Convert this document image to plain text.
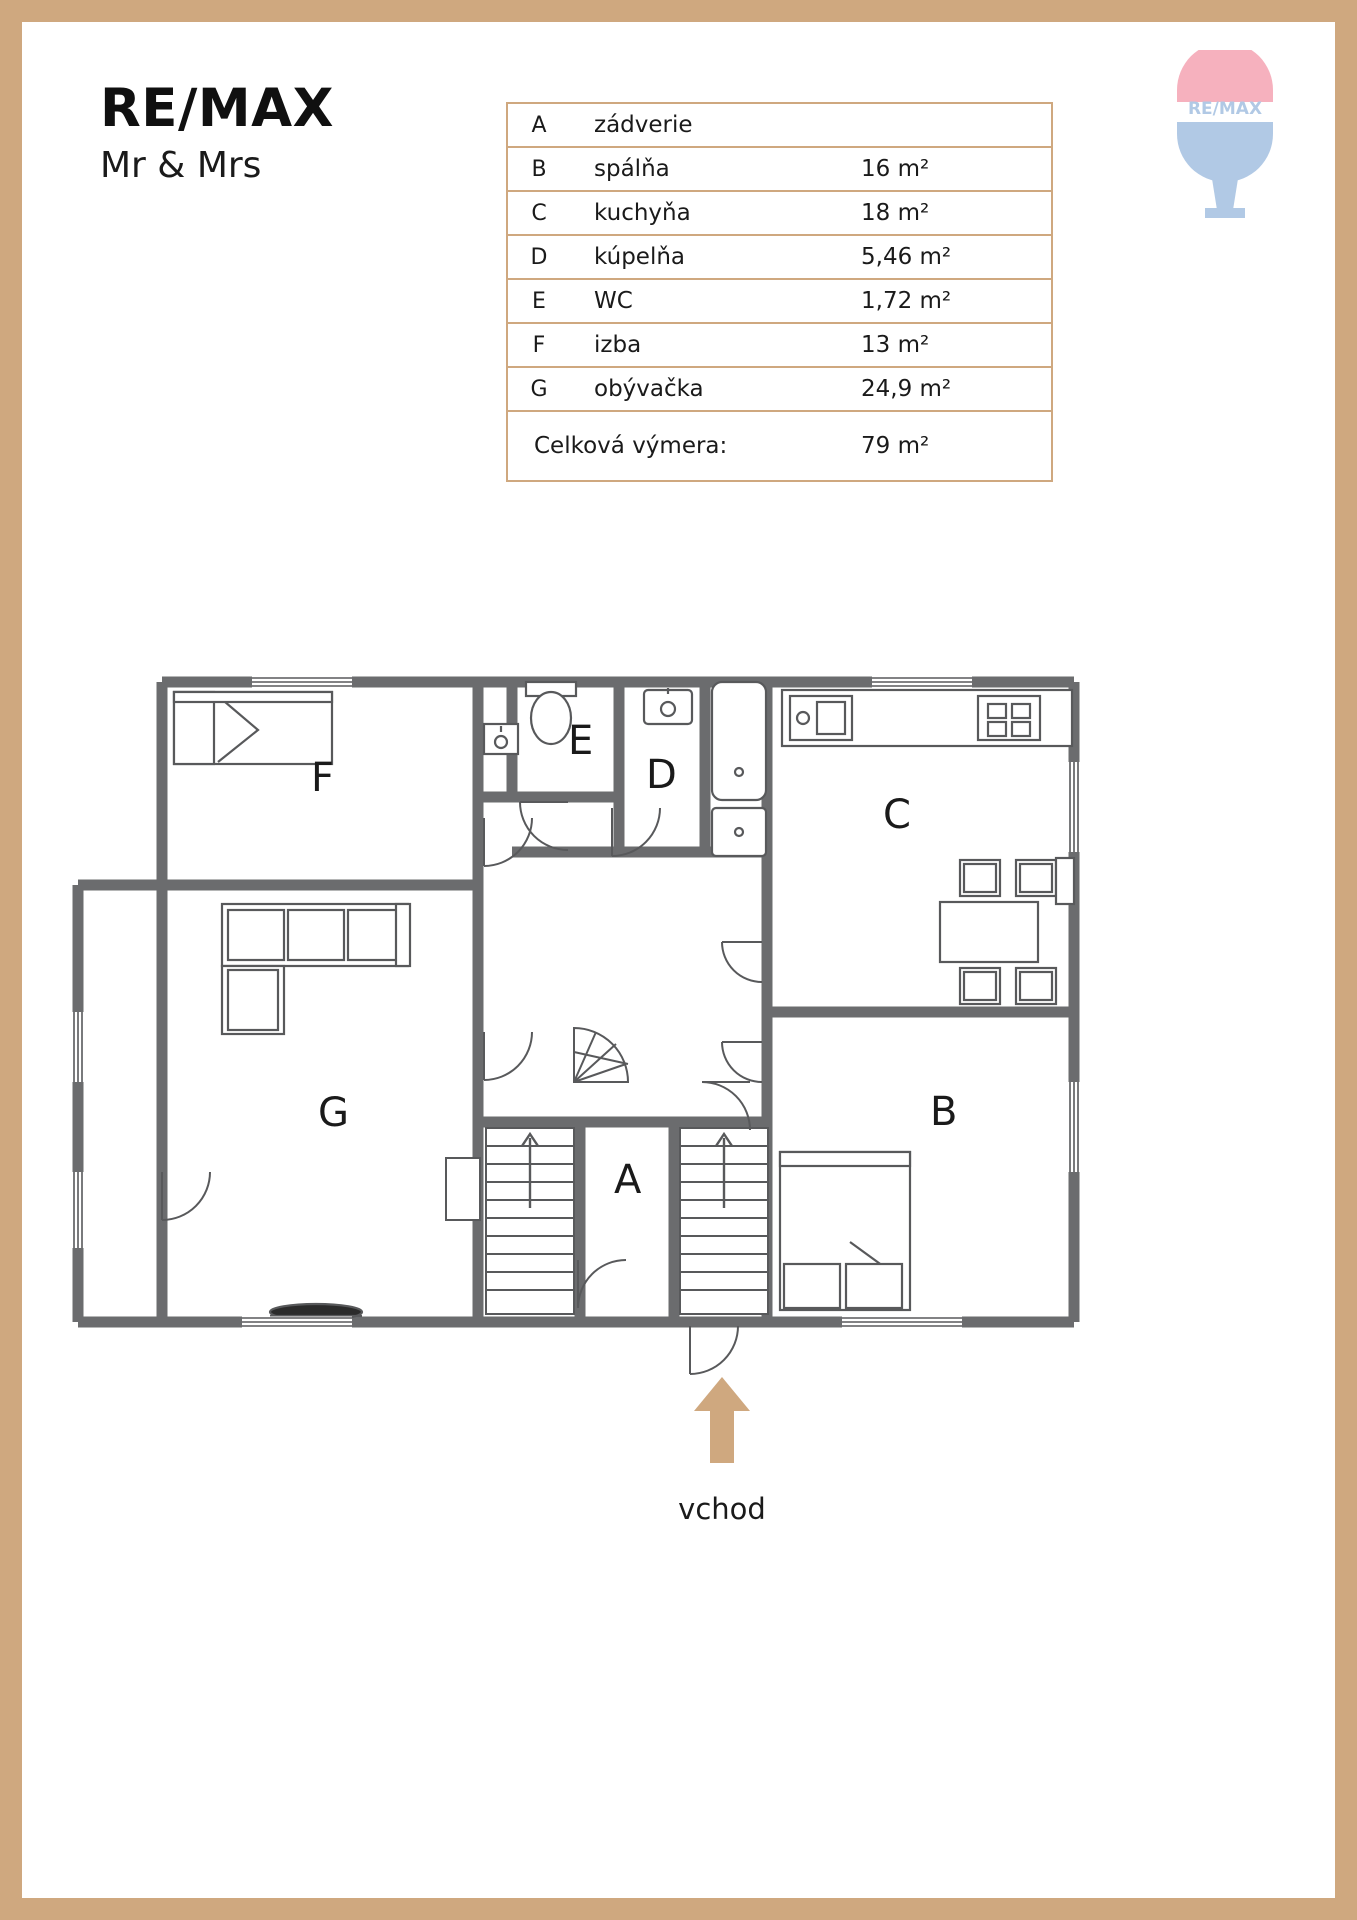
RE/MAX
Mr & Mrs
RE/MAX
A	zádverie
B	spálňa	16 m²
C	kuchyňa	18 m²
D	kúpelňa	5,46 m²
E	WC	1,72 m²
F	izba	13 m²
G	obývačka	24,9 m²
Celková výmera:	79 m²
F
E
D
C
G
A
B
vchod
